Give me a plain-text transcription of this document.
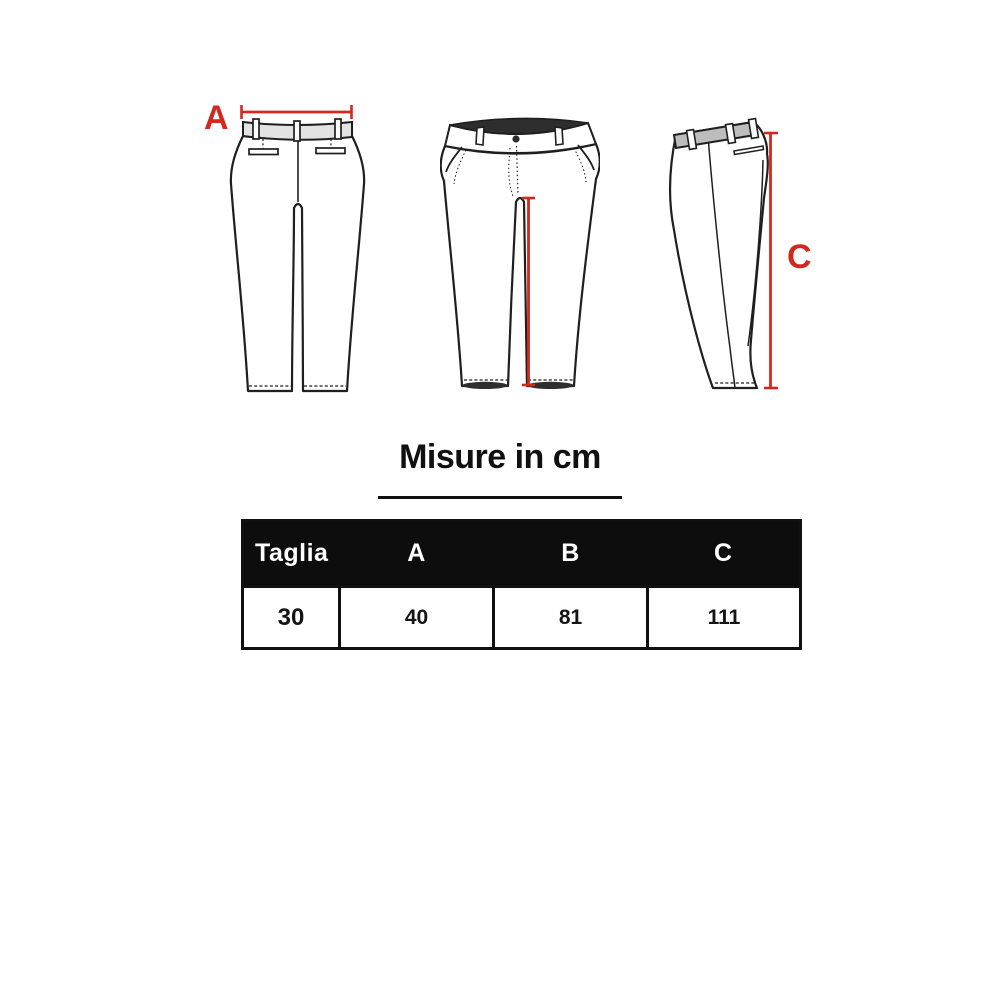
A
C
Misure in cm
Taglia	A	B	C
30	40	81	111
